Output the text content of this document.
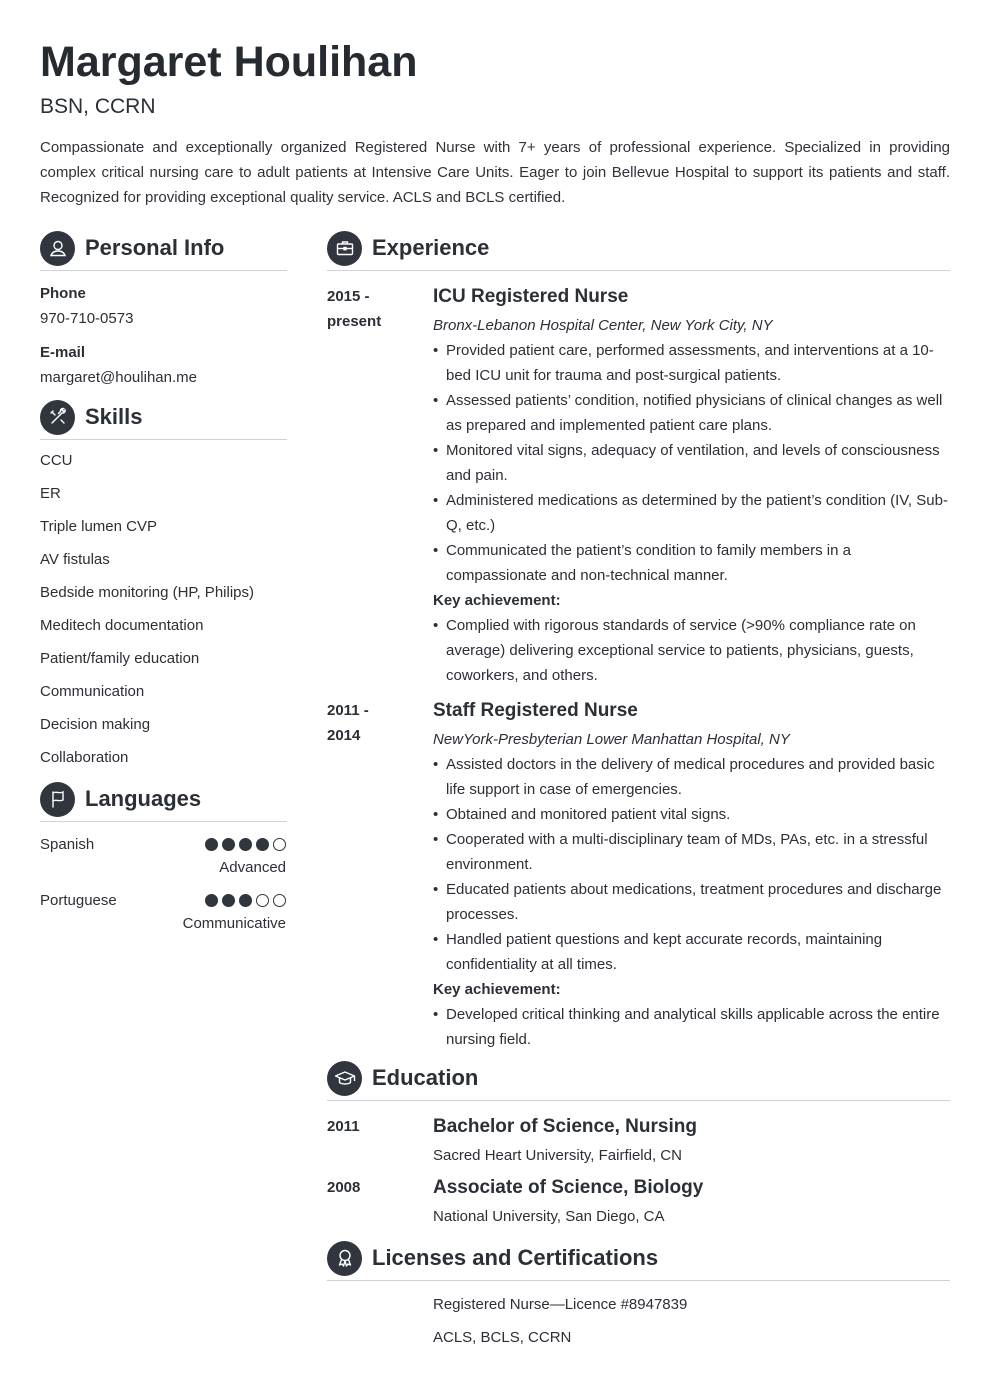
Margaret Houlihan
BSN, CCRN

Compassionate and exceptionally organized Registered Nurse with 7+ years of professional experience. Specialized in providing complex critical nursing care to adult patients at Intensive Care Units. Eager to join Bellevue Hospital to support its patients and staff. Recognized for providing exceptional quality service. ACLS and BCLS certified.

Personal Info
Phone
970-710-0573
E-mail
margaret@houlihan.me
Skills
CCU
ER
Triple lumen CVP
AV fistulas
Bedside monitoring (HP, Philips)
Meditech documentation
Patient/family education
Communication
Decision making
Collaboration
Languages
Spanish
Advanced
Portuguese
Communicative
Experience
2015 -
present
ICU Registered Nurse
Bronx-Lebanon Hospital Center, New York City, NY
• Provided patient care, performed assessments, and interventions at a 10-bed ICU unit for trauma and post-surgical patients.
• Assessed patients’ condition, notified physicians of clinical changes as well as prepared and implemented patient care plans.
• Monitored vital signs, adequacy of ventilation, and levels of consciousness and pain.
• Administered medications as determined by the patient’s condition (IV, Sub-Q, etc.)
• Communicated the patient’s condition to family members in a compassionate and non-technical manner.
Key achievement:
• Complied with rigorous standards of service (>90% compliance rate on average) delivering exceptional service to patients, physicians, guests, coworkers, and others.
2011 -
2014
Staff Registered Nurse
NewYork-Presbyterian Lower Manhattan Hospital, NY
• Assisted doctors in the delivery of medical procedures and provided basic life support in case of emergencies.
• Obtained and monitored patient vital signs.
• Cooperated with a multi-disciplinary team of MDs, PAs, etc. in a stressful environment.
• Educated patients about medications, treatment procedures and discharge processes.
• Handled patient questions and kept accurate records, maintaining confidentiality at all times.
Key achievement:
• Developed critical thinking and analytical skills applicable across the entire nursing field.
Education
2011	Bachelor of Science, Nursing
Sacred Heart University, Fairfield, CN
2008	Associate of Science, Biology
National University, San Diego, CA
Licenses and Certifications
Registered Nurse—Licence #8947839
ACLS, BCLS, CCRN
